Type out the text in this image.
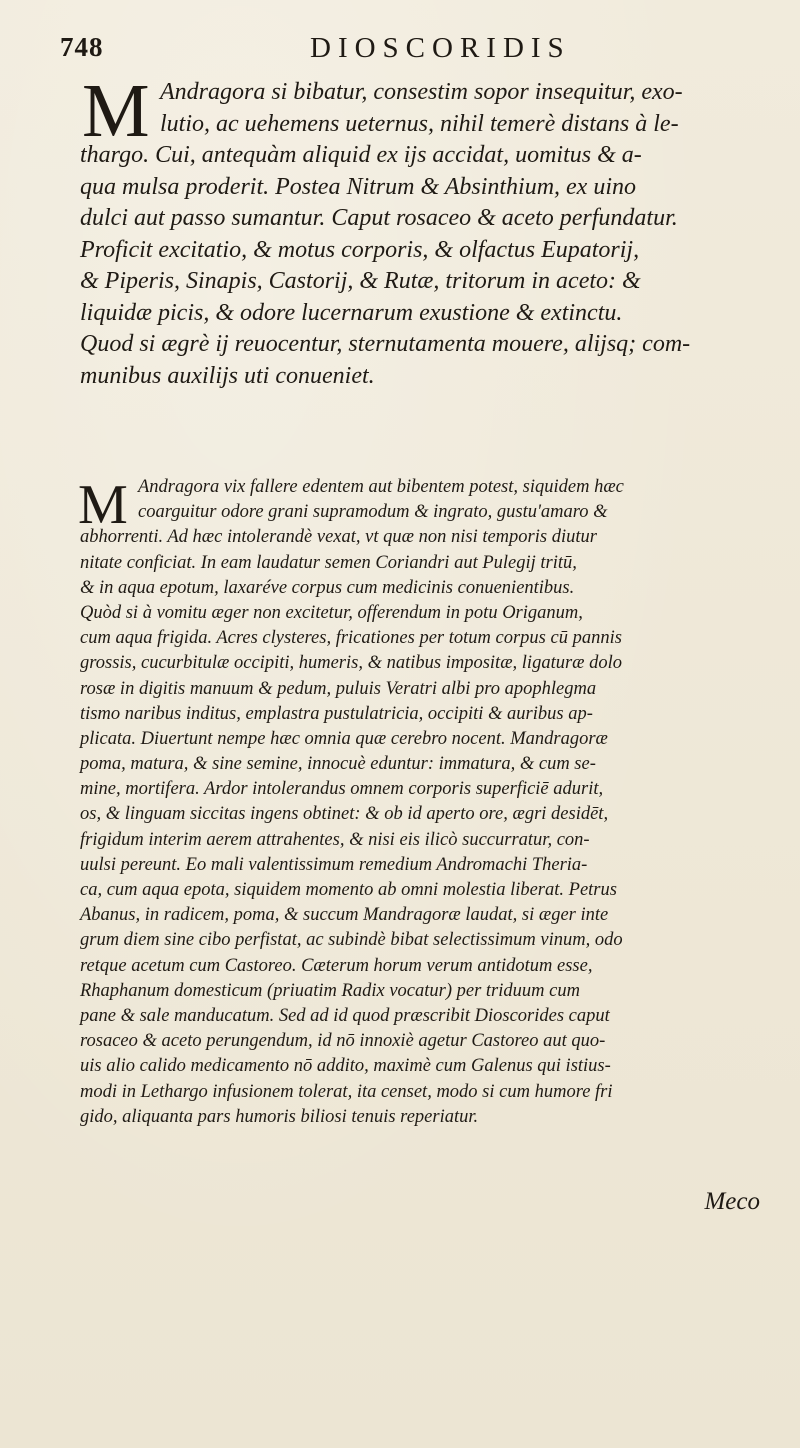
748	DIOSCORIDIS
M Andragora si bibatur, consestim sopor insequitur, exo-
lutio, ac uehemens ueternus, nihil temerè distans à le-
thargo. Cui, antequàm aliquid ex ijs accidat, uomitus & a-
qua mulsa proderit. Postea Nitrum & Absinthium, ex uino
dulci aut passo sumantur. Caput rosaceo & aceto perfundatur.
Proficit excitatio, & motus corporis, & olfactus Eupatorij,
& Piperis, Sinapis, Castorij, & Rutæ, tritorum in aceto: &
liquidæ picis, & odore lucernarum exustione & extinctu.
Quod si ægrè ij reuocentur, sternutamenta mouere, alijsq; com-
munibus auxilijs uti conueniet.
M Andragora vix fallere edentem aut bibentem potest, siquidem hæc
coarguitur odore grani supramodum & ingrato, gustu'amaro &
abhorrenti. Ad hæc intolerandè vexat, vt quæ non nisi temporis diutur
nitate conficiat. In eam laudatur semen Coriandri aut Pulegij tritū,
& in aqua epotum, laxaréve corpus cum medicinis conuenientibus.
Quòd si à vomitu æger non excitetur, offerendum in potu Origanum,
cum aqua frigida. Acres clysteres, fricationes per totum corpus cū pannis
grossis, cucurbitulæ occipiti, humeris, & natibus impositæ, ligaturæ dolo
rosæ in digitis manuum & pedum, puluis Veratri albi pro apophlegma
tismo naribus inditus, emplastra pustulatricia, occipiti & auribus ap-
plicata. Diuertunt nempe hæc omnia quæ cerebro nocent. Mandragoræ
poma, matura, & sine semine, innocuè eduntur: immatura, & cum se-
mine, mortifera. Ardor intolerandus omnem corporis superficiē adurit,
os, & linguam siccitas ingens obtinet: & ob id aperto ore, ægri desidēt,
frigidum interim aerem attrahentes, & nisi eis ilicò succurratur, con-
uulsi pereunt. Eo mali valentissimum remedium Andromachi Theria-
ca, cum aqua epota, siquidem momento ab omni molestia liberat. Petrus
Abanus, in radicem, poma, & succum Mandragoræ laudat, si æger inte
grum diem sine cibo perfistat, ac subindè bibat selectissimum vinum, odo
retque acetum cum Castoreo. Cæterum horum verum antidotum esse,
Rhaphanum domesticum (priuatim Radix vocatur) per triduum cum
pane & sale manducatum. Sed ad id quod præscribit Dioscorides caput
rosaceo & aceto perungendum, id nō innoxiè agetur Castoreo aut quo-
uis alio calido medicamento nō addito, maximè cum Galenus qui istius-
modi in Lethargo infusionem tolerat, ita censet, modo si cum humore fri
gido, aliquanta pars humoris biliosi tenuis reperiatur.
Meco
